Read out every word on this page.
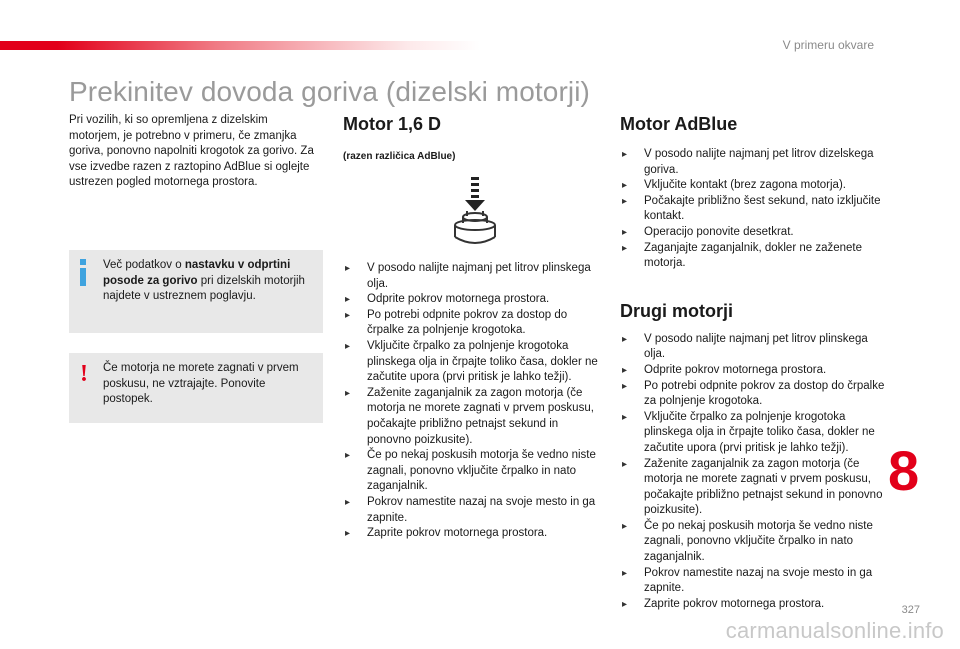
V primeru okvare
Prekinitev dovoda goriva (dizelski motorji)

Pri vozilih, ki so opremljena z dizelskim motorjem, je potrebno v primeru, če zmanjka goriva, ponovno napolniti krogotok za gorivo. Za vse izvedbe razen z raztopino AdBlue si oglejte ustrezen pogled motornega prostora.

Več podatkov o nastavku v odprtini posode za gorivo pri dizelskih motorjih najdete v ustreznem poglavju.
! Če motorja ne morete zagnati v prvem poskusu, ne vztrajajte. Ponovite postopek.
Motor 1,6 D
(razen različica AdBlue)
▸ V posodo nalijte najmanj pet litrov plinskega olja.
▸ Odprite pokrov motornega prostora.
▸ Po potrebi odpnite pokrov za dostop do črpalke za polnjenje krogotoka.
▸ Vključite črpalko za polnjenje krogotoka plinskega olja in črpajte toliko časa, dokler ne začutite upora (prvi pritisk je lahko težji).
▸ Zaženite zaganjalnik za zagon motorja (če motorja ne morete zagnati v prvem poskusu, počakajte približno petnajst sekund in ponovno poizkusite).
▸ Če po nekaj poskusih motorja še vedno niste zagnali, ponovno vključite črpalko in nato zaganjalnik.
▸ Pokrov namestite nazaj na svoje mesto in ga zapnite.
▸ Zaprite pokrov motornega prostora.
Motor AdBlue
▸ V posodo nalijte najmanj pet litrov dizelskega goriva.
▸ Vključite kontakt (brez zagona motorja).
▸ Počakajte približno šest sekund, nato izključite kontakt.
▸ Operacijo ponovite desetkrat.
▸ Zaganjajte zaganjalnik, dokler ne zaženete motorja.
Drugi motorji
▸ V posodo nalijte najmanj pet litrov plinskega olja.
▸ Odprite pokrov motornega prostora.
▸ Po potrebi odpnite pokrov za dostop do črpalke za polnjenje krogotoka.
▸ Vključite črpalko za polnjenje krogotoka plinskega olja in črpajte toliko časa, dokler ne začutite upora (prvi pritisk je lahko težji).
▸ Zaženite zaganjalnik za zagon motorja (če motorja ne morete zagnati v prvem poskusu, počakajte približno petnajst sekund in ponovno poizkusite).
▸ Če po nekaj poskusih motorja še vedno niste zagnali, ponovno vključite črpalko in nato zaganjalnik.
▸ Pokrov namestite nazaj na svoje mesto in ga zapnite.
▸ Zaprite pokrov motornega prostora.
8
327
carmanualsonline.info
